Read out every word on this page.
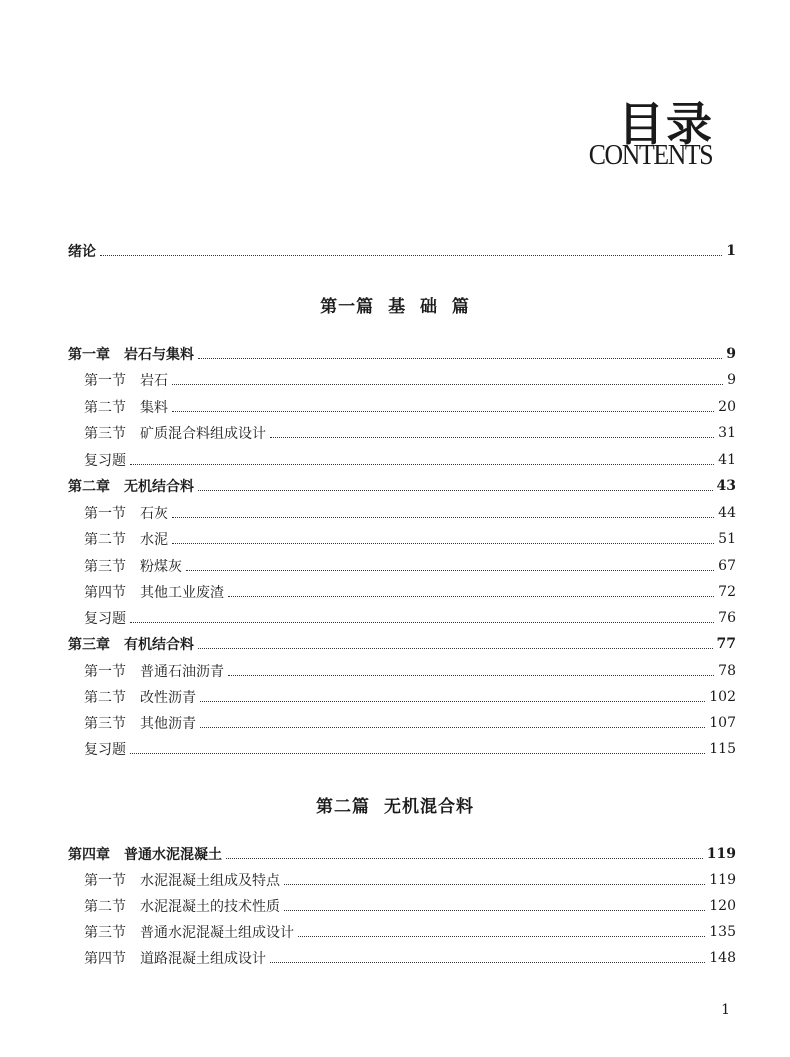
目录
CONTENTS
绪论	1
第一篇 基  础  篇
第一章 岩石与集料	9
第一节 岩石	9
第二节 集料	20
第三节 矿质混合料组成设计	31
复习题	41
第二章 无机结合料	43
第一节 石灰	44
第二节 水泥	51
第三节 粉煤灰	67
第四节 其他工业废渣	72
复习题	76
第三章 有机结合料	77
第一节 普通石油沥青	78
第二节 改性沥青	102
第三节 其他沥青	107
复习题	115
第二篇 无机混合料
第四章 普通水泥混凝土	119
第一节 水泥混凝土组成及特点	119
第二节 水泥混凝土的技术性质	120
第三节 普通水泥混凝土组成设计	135
第四节 道路混凝土组成设计	148
1
